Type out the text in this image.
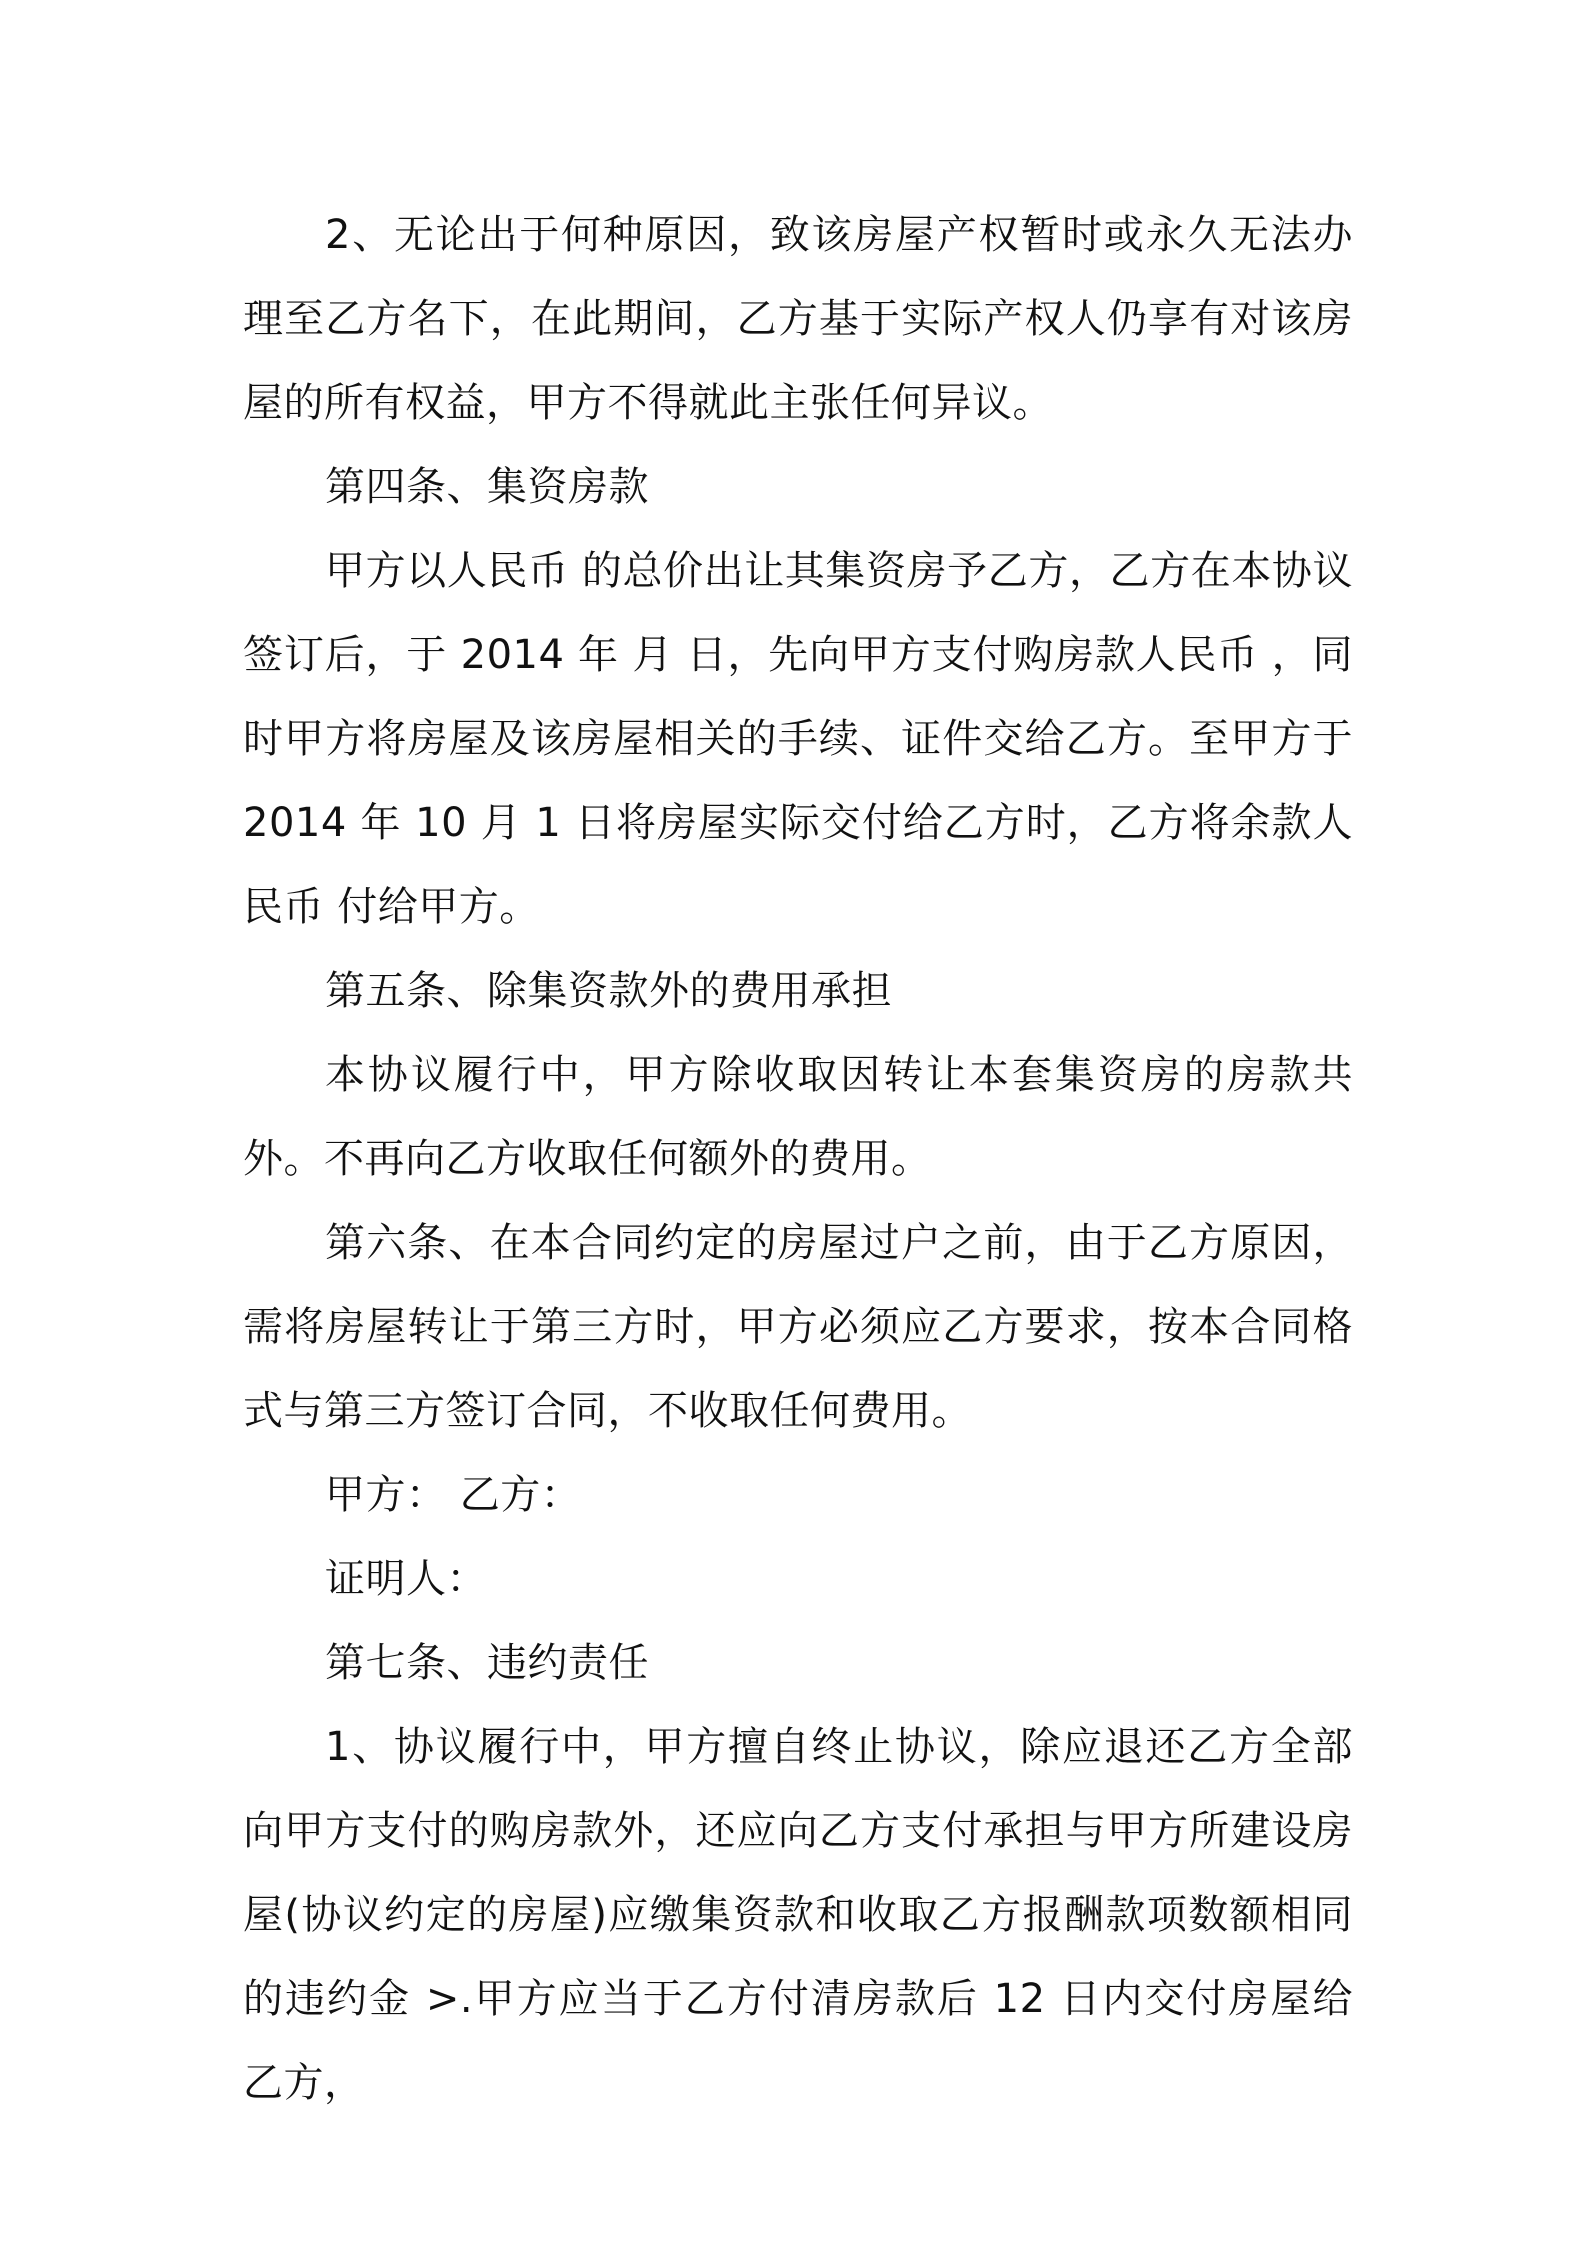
2、无论出于何种原因，致该房屋产权暂时或永久无法办理至乙方名下，在此期间，乙方基于实际产权人仍享有对该房屋的所有权益，甲方不得就此主张任何异议。

第四条、集资房款

甲方以人民币 的总价出让其集资房予乙方，乙方在本协议签订后，于 2014 年 月 日，先向甲方支付购房款人民币 ，同时甲方将房屋及该房屋相关的手续、证件交给乙方。至甲方于 2014 年 10 月 1 日将房屋实际交付给乙方时，乙方将余款人民币 付给甲方。

第五条、除集资款外的费用承担

本协议履行中，甲方除收取因转让本套集资房的房款共 外。不再向乙方收取任何额外的费用。

第六条、在本合同约定的房屋过户之前，由于乙方原因，需将房屋转让于第三方时，甲方必须应乙方要求，按本合同格式与第三方签订合同，不收取任何费用。

甲方： 乙方：

证明人：

第七条、违约责任

1、协议履行中，甲方擅自终止协议，除应退还乙方全部向甲方支付的购房款外，还应向乙方支付承担与甲方所建设房屋(协议约定的房屋)应缴集资款和收取乙方报酬款项数额相同的违约金 >.甲方应当于乙方付清房款后 12 日内交付房屋给乙方，
